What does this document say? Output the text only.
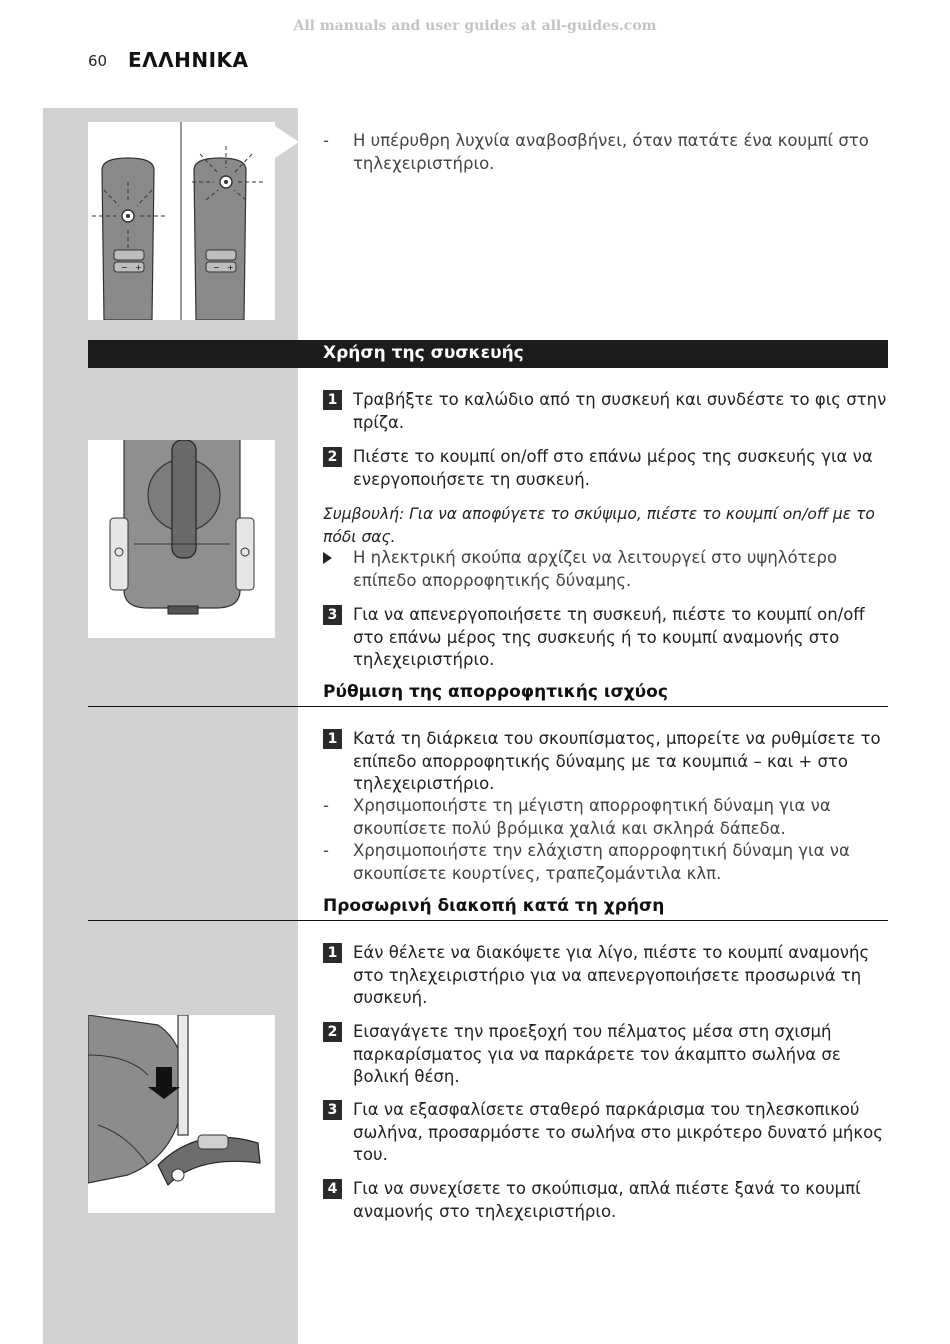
All manuals and user guides at all-guides.com
60 ΕΛΛΗΝΙΚΑ
− +	− +
- Η υπέρυθρη λυχνία αναβοσβήνει, όταν πατάτε ένα κουμπί στο τηλεχειριστήριο.
Χρήση της συσκευής
1 Τραβήξτε το καλώδιο από τη συσκευή και συνδέστε το φις στην πρίζα.
2 Πιέστε το κουμπί on/off στο επάνω μέρος της συσκευής για να ενεργοποιήσετε τη συσκευή.
Συμβουλή: Για να αποφύγετε το σκύψιμο, πιέστε το κουμπί on/off με το πόδι σας.
Η ηλεκτρική σκούπα αρχίζει να λειτουργεί στο υψηλότερο επίπεδο απορροφητικής δύναμης.
3 Για να απενεργοποιήσετε τη συσκευή, πιέστε το κουμπί on/off στο επάνω μέρος της συσκευής ή το κουμπί αναμονής στο τηλεχειριστήριο.
Ρύθμιση της απορροφητικής ισχύος
1 Κατά τη διάρκεια του σκουπίσματος, μπορείτε να ρυθμίσετε το επίπεδο απορροφητικής δύναμης με τα κουμπιά – και + στο τηλεχειριστήριο.
- Χρησιμοποιήστε τη μέγιστη απορροφητική δύναμη για να σκουπίσετε πολύ βρόμικα χαλιά και σκληρά δάπεδα.
- Χρησιμοποιήστε την ελάχιστη απορροφητική δύναμη για να σκουπίσετε κουρτίνες, τραπεζομάντιλα κλπ.
Προσωρινή διακοπή κατά τη χρήση
1 Εάν θέλετε να διακόψετε για λίγο, πιέστε το κουμπί αναμονής στο τηλεχειριστήριο για να απενεργοποιήσετε προσωρινά τη συσκευή.
2 Εισαγάγετε την προεξοχή του πέλματος μέσα στη σχισμή παρκαρίσματος για να παρκάρετε τον άκαμπτο σωλήνα σε βολική θέση.
3 Για να εξασφαλίσετε σταθερό παρκάρισμα του τηλεσκοπικού σωλήνα, προσαρμόστε το σωλήνα στο μικρότερο δυνατό μήκος του.
4 Για να συνεχίσετε το σκούπισμα, απλά πιέστε ξανά το κουμπί αναμονής στο τηλεχειριστήριο.
